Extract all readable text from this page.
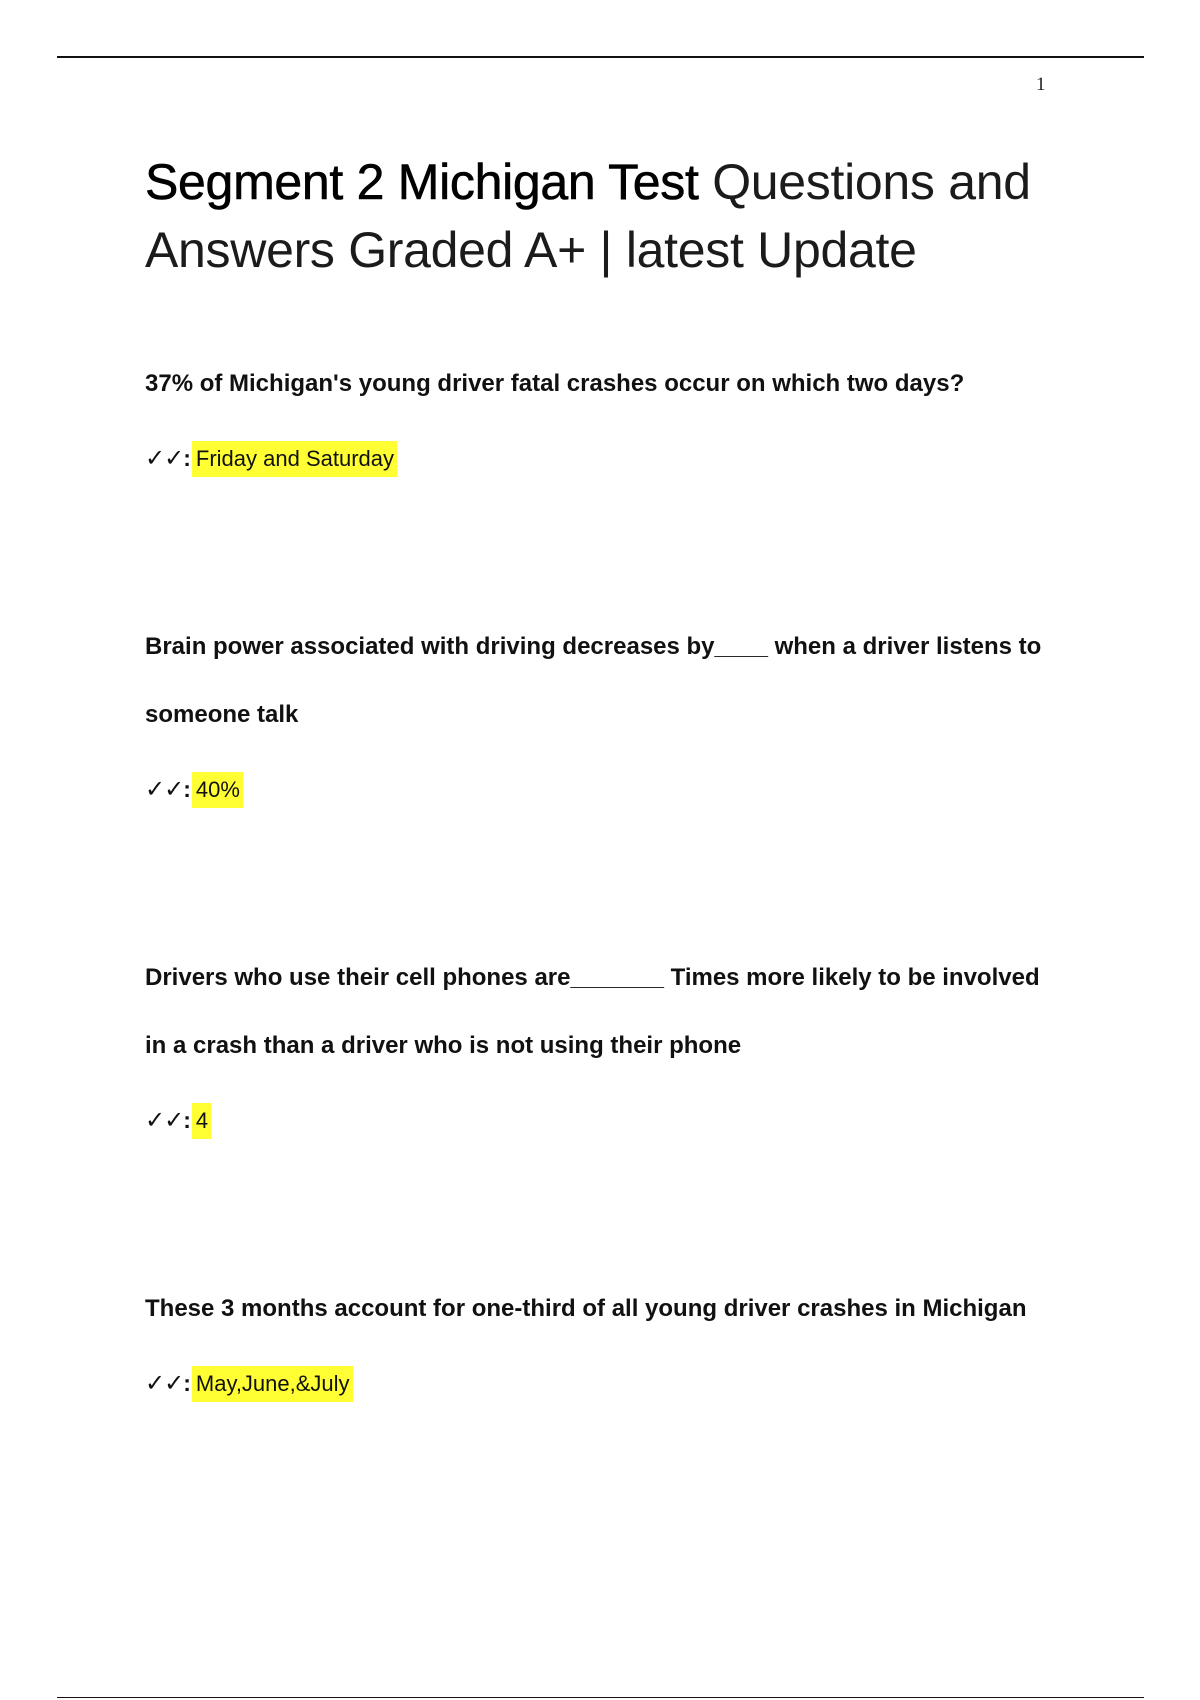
1
Segment 2 Michigan Test Questions and Answers Graded A+ | latest Update

37% of Michigan's young driver fatal crashes occur on which two days?

✓✓: Friday and Saturday

Brain power associated with driving decreases by____ when a driver listens to someone talk

✓✓: 40%

Drivers who use their cell phones are_______ Times more likely to be involved in a crash than a driver who is not using their phone

✓✓: 4

These 3 months account for one-third of all young driver crashes in Michigan

✓✓: May,June,&July
